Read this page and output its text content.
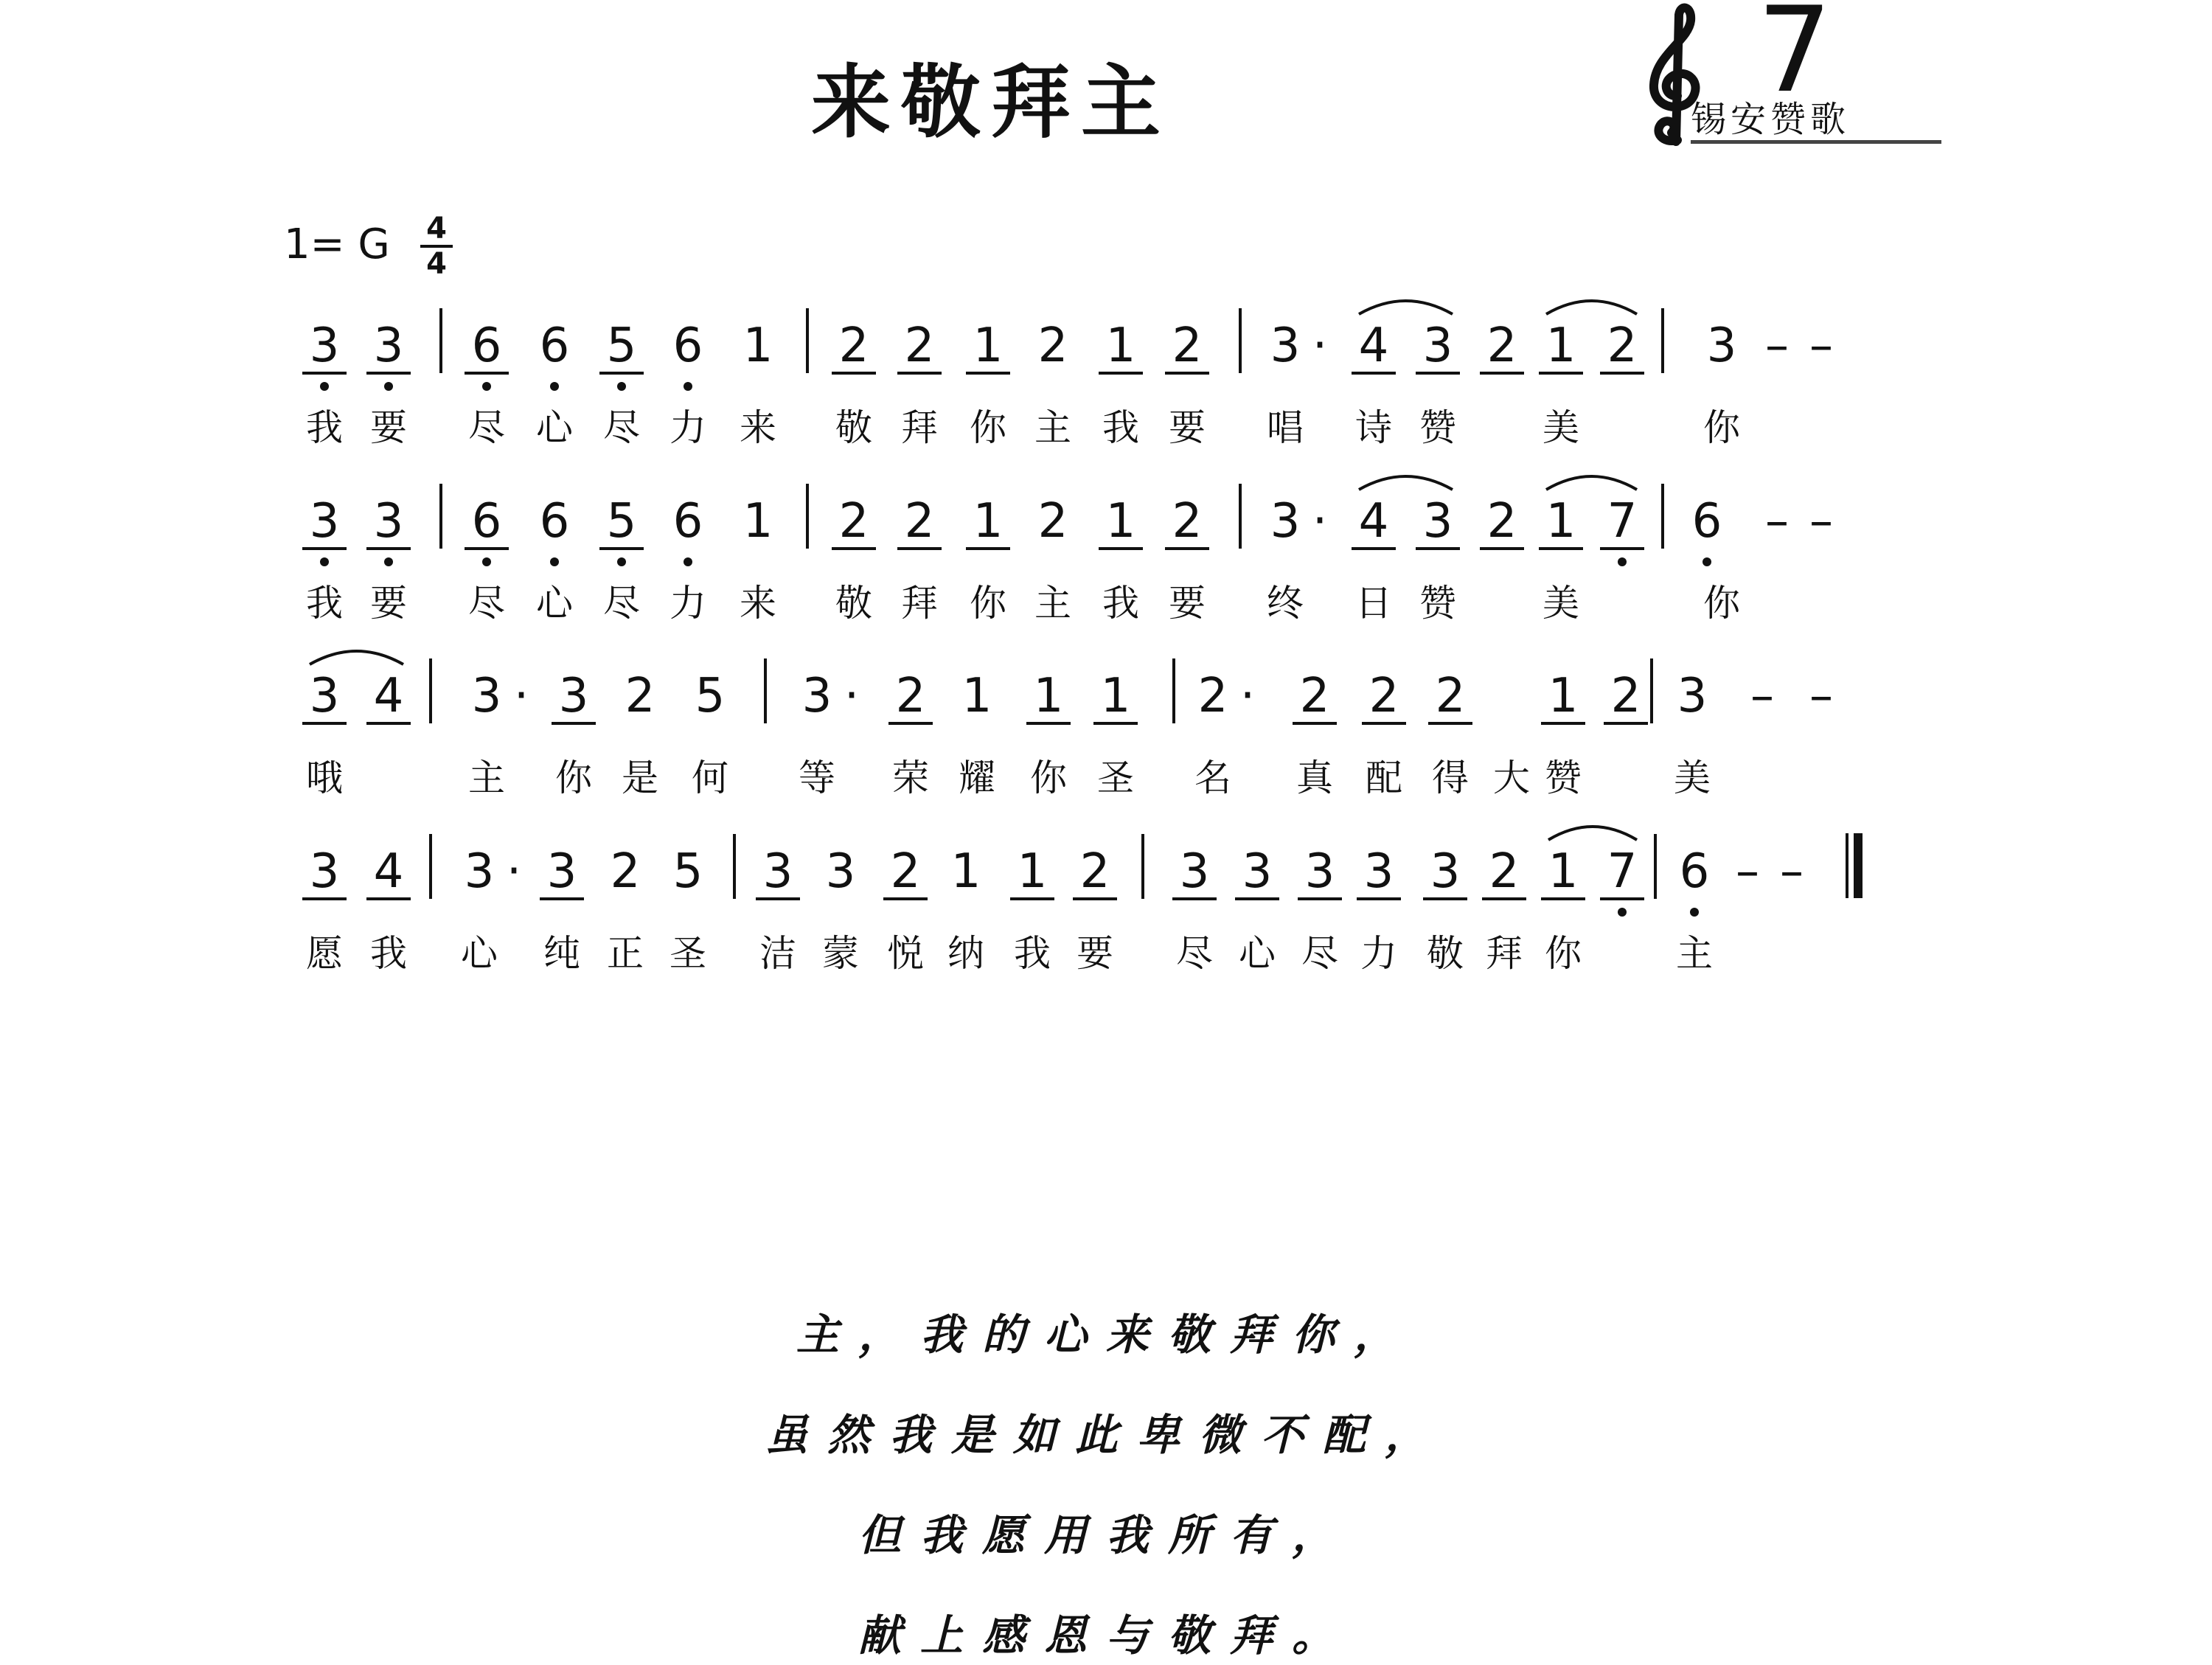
来敬拜主	7
锡安赞歌
1= G 4
4
3 3 6 6 5 6 1 2 2 1 2 1 2 3 · 4 3 2 1 2 3 – –
3 3 6 6 5 6 1 2 2 1 2 1 2 3 · 4 3 2 1 7 6 – –
3 4 3 · 3 2 5 3 · 2 1 1 1 2 · 2 2 2 1 2 3 – –
3 4 3 · 3 2 5 3 3 2 1 1 2 3 3 3 3 3 2 1 7 6 – –
我 要 尽 心 尽 力 来 敬 拜 你 主 我 要 唱 诗 赞 美	你
我 要 尽 心 尽 力 来 敬 拜 你 主 我 要 终 日 赞 美	你
哦	主 你 是 何 等 荣 耀 你 圣 名 真 配 得 大 赞	美
愿 我 心 纯 正 圣 洁 蒙 悦 纳 我 要 尽 心 尽 力 敬 拜 你	主
主，我的心来敬拜你，
虽然我是如此卑微不配，
但我愿用我所有，
献上感恩与敬拜。
